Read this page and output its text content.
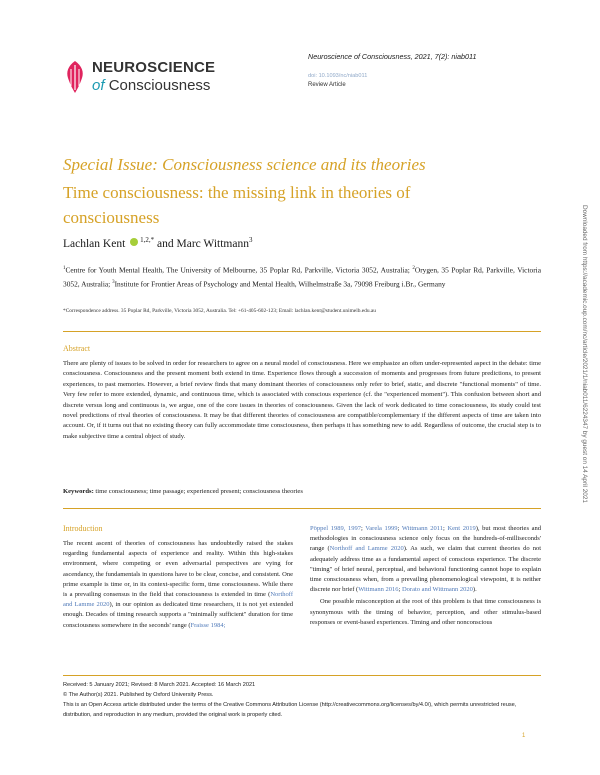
NEUROSCIENCE
of Consciousness
Neuroscience of Consciousness, 2021, 7(2): niab011
doi: 10.1093/nc/niab011
Review Article
Special Issue: Consciousness science and its theories
Time consciousness: the missing link in theories of consciousness
Lachlan Kent $^{1,2,*}$ and Marc Wittmann$^3$
$^1$Centre for Youth Mental Health, The University of Melbourne, 35 Poplar Rd, Parkville, Victoria 3052, Australia; $^2$Orygen, 35 Poplar Rd, Parkville, Victoria 3052, Australia; $^3$Institute for Frontier Areas of Psychology and Mental Health, Wilhelmstraße 3a, 79098 Freiburg i.Br., Germany
*Correspondence address. 35 Poplar Rd, Parkville, Victoria 3052, Australia. Tel: +61-405-602-123; Email: lachlan.kent@student.unimelb.edu.au
Abstract
There are plenty of issues to be solved in order for researchers to agree on a neural model of consciousness. Here we emphasize an often under-represented aspect in the debate: time consciousness. Consciousness and the present moment both extend in time. Experience flows through a succession of moments and progresses from future predictions, to present experiences, to past memories. However, a brief review finds that many dominant theories of consciousness only refer to brief, static, and discrete "functional moments" of time. Very few refer to more extended, dynamic, and continuous time, which is associated with conscious experience (cf. the "experienced moment"). This confusion between short and discrete versus long and continuous is, we argue, one of the core issues in theories of consciousness. Given the lack of work dedicated to time consciousness, its study could test novel predictions of rival theories of consciousness. It may be that different theories of consciousness are compatible/complementary if the different aspects of time are taken into account. Or, if it turns out that no existing theory can fully accommodate time consciousness, then perhaps it has something new to add. Regardless of outcome, the crucial step is to make subjective time a central object of study.
Keywords: time consciousness; time passage; experienced present; consciousness theories
Introduction
The recent ascent of theories of consciousness has undoubtedly raised the stakes regarding fundamental aspects of experience and reality. Within this high-stakes environment, where competing or even adversarial perspectives are vying for ascendancy, the fundamentals in questions have to be clear, concise, and consistent. One prime example is time or, in its context-specific form, time consciousness. While there is a prevailing consensus in the field that consciousness is extended in time (Northoff and Lamme 2020), in our opinion as dedicated time researchers, it is not yet extended enough. Decades of timing research supports a "minimally sufficient" duration for time consciousness somewhere in the seconds' range (Fraisse 1984;
Pöppel 1989, 1997; Varela 1999; Wittmann 2011; Kent 2019), but most theories and methodologies in consciousness science only focus on the hundreds-of-milliseconds' range (Northoff and Lamme 2020). As such, we claim that current theories do not adequately address time as a fundamental aspect of conscious experience. The discrete "timing" of brief neural, perceptual, and behavioral functioning cannot hope to explain time consciousness when, from a prevailing phenomenological viewpoint, it is neither discrete nor brief (Wittmann 2016; Dorato and Wittmann 2020).
One possible misconception at the root of this problem is that time consciousness is synonymous with the timing of behavior, perception, and other stimulus-based responses or event-based experiences. Timing and other nonconscious
Received: 5 January 2021; Revised: 8 March 2021. Accepted: 16 March 2021
© The Author(s) 2021. Published by Oxford University Press.
This is an Open Access article distributed under the terms of the Creative Commons Attribution License (http://creativecommons.org/licenses/by/4.0/), which permits unrestricted reuse, distribution, and reproduction in any medium, provided the original work is properly cited.
1
Downloaded from https://academic.oup.com/nc/article/2021/1/niab011/6224347 by guest on 14 April 2021
